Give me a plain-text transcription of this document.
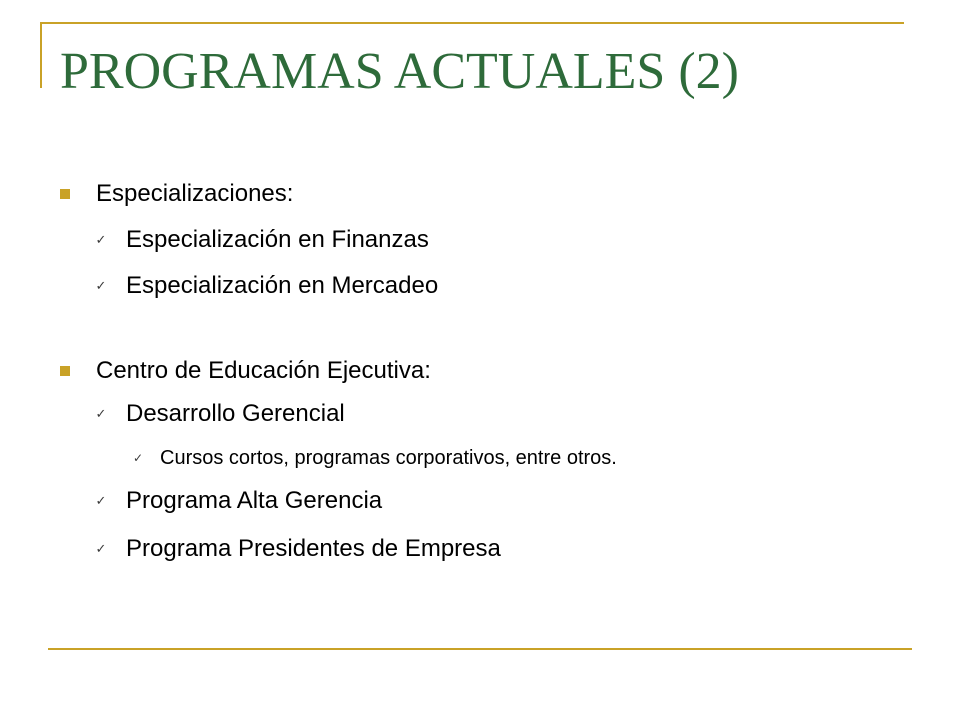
PROGRAMAS ACTUALES (2)
Especializaciones:
✓ Especialización en Finanzas
✓ Especialización en Mercadeo
Centro de Educación Ejecutiva:
✓ Desarrollo Gerencial
✓ Cursos cortos, programas corporativos, entre otros.
✓ Programa Alta Gerencia
✓ Programa Presidentes de Empresa
